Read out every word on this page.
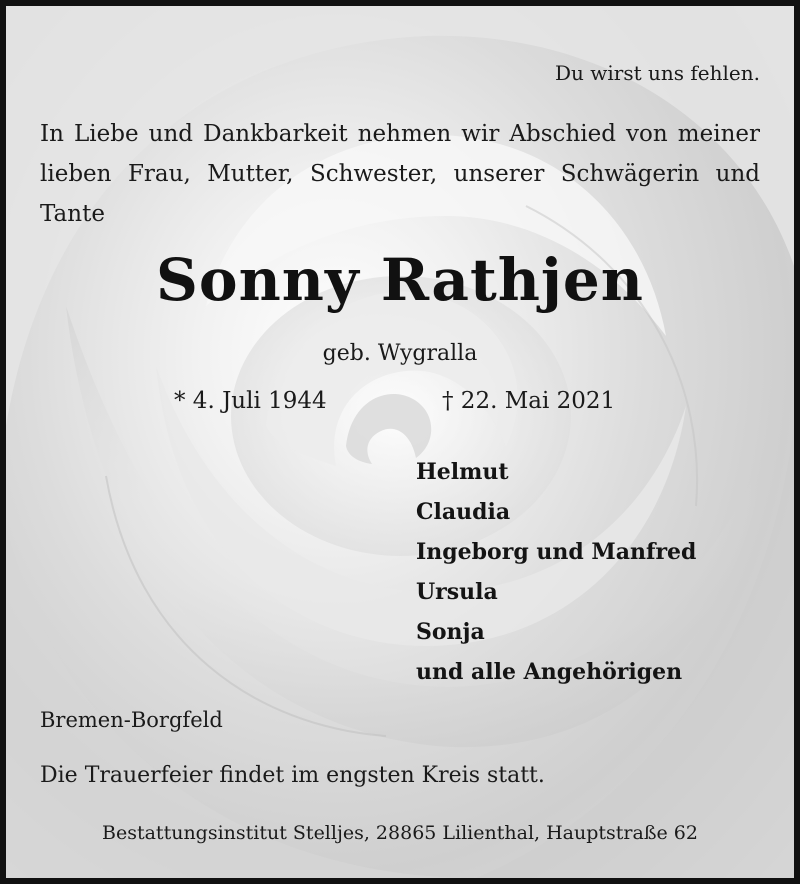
Du wirst uns fehlen.

In Liebe und Dankbarkeit nehmen wir Abschied von meiner lieben Frau, Mutter, Schwester, unserer Schwägerin und Tante

Sonny Rathjen

geb. Wygralla

* 4. Juli 1944	† 22. Mai 2021

Helmut
Claudia
Ingeborg und Manfred
Ursula
Sonja
und alle Angehörigen

Bremen-Borgfeld

Die Trauerfeier findet im engsten Kreis statt.

Bestattungsinstitut Stelljes, 28865 Lilienthal, Hauptstraße 62
